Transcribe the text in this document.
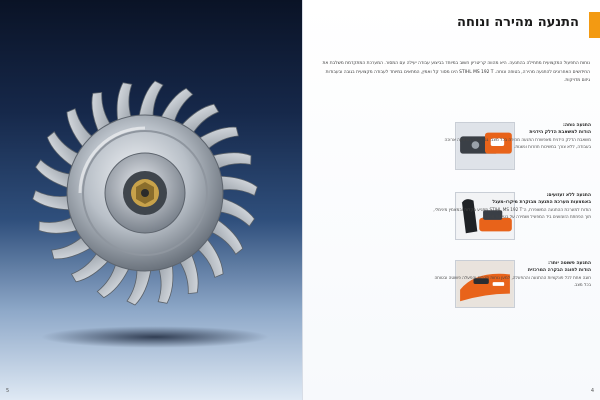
5
התנעה מהירה ונוחה

נוחות התפעול המקצועית מתחילה בהתנעה. היא מהווה קריטריון חשוב במיוחד בביצוע עבודה יעילה עם המסור. המערכת המתקדמת משלבת את החידושים האחרונים להתנעה מהירה, בטוחה ונוחה. STIHL MS 192 T הינו מסור קל ואמין, המתאים במיוחד לעבודה מקצועית בגובה ובעבודות גיזום מדויקות.

התנעה נוחה:
הודות למשאבת הדלק הידנית
משאבת הדלק הידנית מאפשרת התנעה מהירה בכל מצב, גם לאחר הפסקה ארוכה בעבודה, ללא צורך במשיכות חוזרות ונשנות.
התנעה ללא זעזועים:
באמצעות מערכת התנעה מבוקרת מיקרו-מעגל
הודות למערכת ההתנעה המשופרת, ה־STIHL MS 192 T מתניע בקלות ובמאמץ מינימלי, תוך הפחתת הזעזועים ביד המפעיל ושמירה על בטיחות מרבית.
התנעה פשוטה יותר:
הודות לחוגה הבקרה המרכזית
חוגה אחת לכל פונקציות ההתנעה וההפעלה, למען נוחות מרבית והפעלה פשוטה ובטוחה בכל מצב.
4
